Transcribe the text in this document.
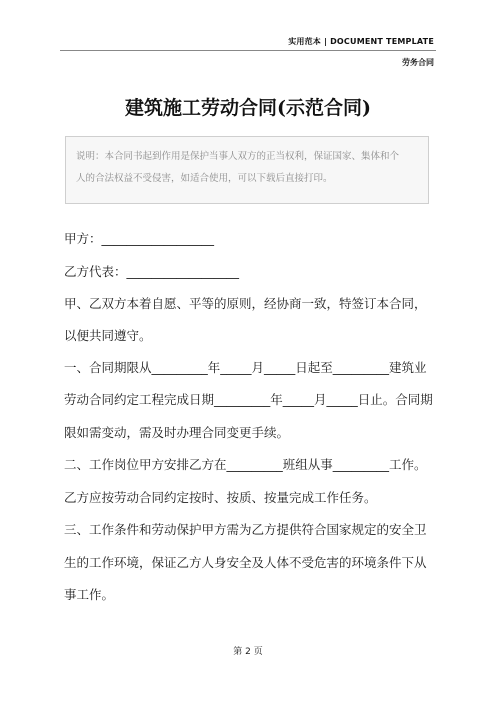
实用范本 | DOCUMENT TEMPLATE
劳务合同
建筑施工劳动合同(示范合同)
说明：本合同书起到作用是保护当事人双方的正当权利，保证国家、集体和个
人的合法权益不受侵害，如适合使用，可以下载后直接打印。
甲方：__________________
乙方代表：__________________
甲、乙双方本着自愿、平等的原则，经协商一致，特签订本合同，
以便共同遵守。
一、合同期限从_________年_____月_____日起至_________建筑业
劳动合同约定工程完成日期_________年_____月_____日止。合同期
限如需变动，需及时办理合同变更手续。
二、工作岗位甲方安排乙方在_________班组从事_________工作。
乙方应按劳动合同约定按时、按质、按量完成工作任务。
三、工作条件和劳动保护甲方需为乙方提供符合国家规定的安全卫
生的工作环境，保证乙方人身安全及人体不受危害的环境条件下从
事工作。
第 2 页
